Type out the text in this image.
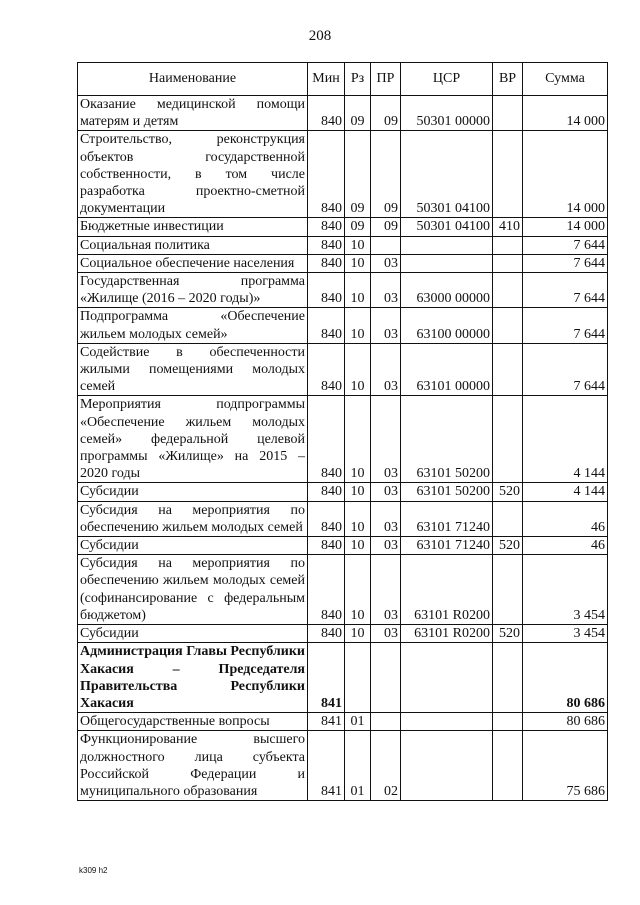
208
Наименование	Мин	Рз	ПР	ЦСР	ВР	Сумма
Оказание медицинской помощи матерям и детям	840	09	09	50301 00000		14 000
Строительство, реконструкция объектов государственной собственности, в том числе разработка проектно-сметной документации	840	09	09	50301 04100		14 000
Бюджетные инвестиции	840	09	09	50301 04100	410	14 000
Социальная политика	840	10				7 644
Социальное обеспечение населения	840	10	03			7 644
Государственная программа «Жилище (2016 – 2020 годы)»	840	10	03	63000 00000		7 644
Подпрограмма «Обеспечение жильем молодых семей»	840	10	03	63100 00000		7 644
Содействие в обеспеченности жилыми помещениями молодых семей	840	10	03	63101 00000		7 644
Мероприятия подпрограммы «Обеспечение жильем молодых семей» федеральной целевой программы «Жилище» на 2015 – 2020 годы	840	10	03	63101 50200		4 144
Субсидии	840	10	03	63101 50200	520	4 144
Субсидия на мероприятия по обеспечению жильем молодых семей	840	10	03	63101 71240		46
Субсидии	840	10	03	63101 71240	520	46
Субсидия на мероприятия по обеспечению жильем молодых семей (софинансирование с федеральным бюджетом)	840	10	03	63101 R0200		3 454
Субсидии	840	10	03	63101 R0200	520	3 454
Администрация Главы Республики Хакасия – Председателя Правительства Республики Хакасия	841					80 686
Общегосударственные вопросы	841	01				80 686
Функционирование высшего должностного лица субъекта Российской Федерации и муниципального образования	841	01	02			75 686
k309 h2
